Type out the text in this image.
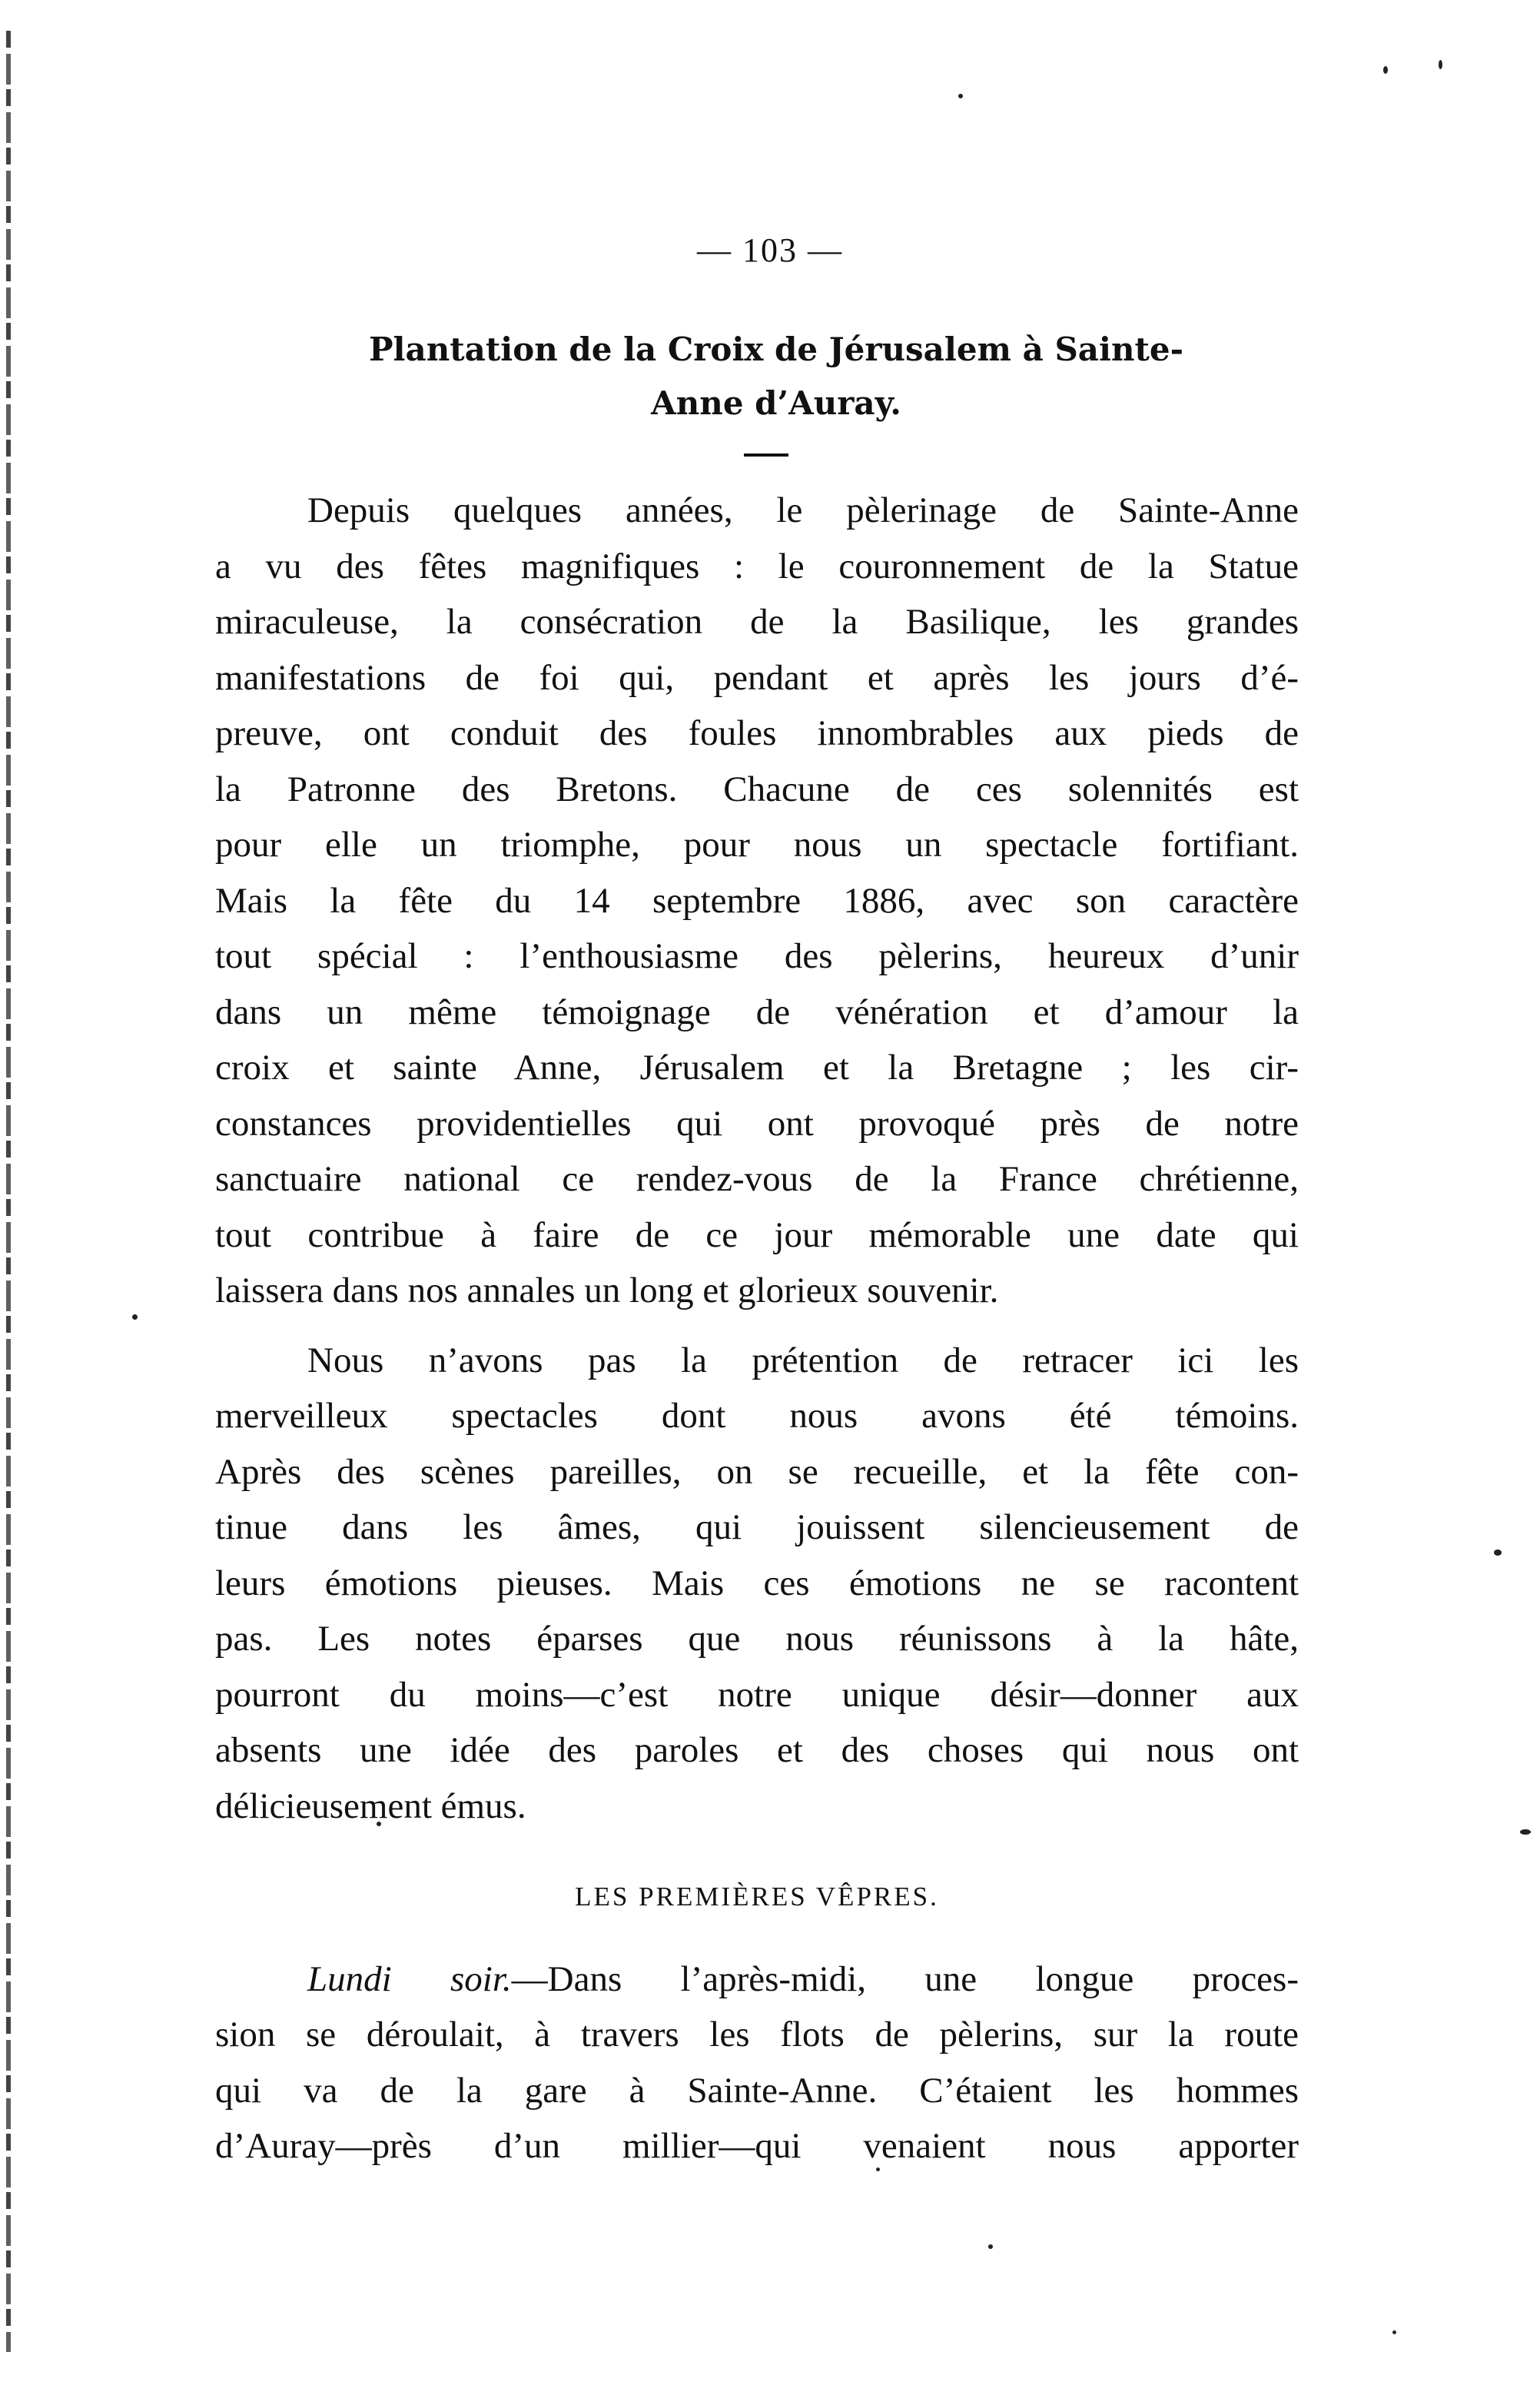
— 103 —
Plantation de la Croix de Jérusalem à Sainte-
Anne d’Auray.

Depuis quelques années, le pèlerinage de Sainte-Anne
a vu des fêtes magnifiques : le couronnement de la Statue
miraculeuse, la consécration de la Basilique, les grandes
manifestations de foi qui, pendant et après les jours d’é-
preuve, ont conduit des foules innombrables aux pieds de
la Patronne des Bretons. Chacune de ces solennités est
pour elle un triomphe, pour nous un spectacle fortifiant.
Mais la fête du 14 septembre 1886, avec son caractère
tout spécial : l’enthousiasme des pèlerins, heureux d’unir
dans un même témoignage de vénération et d’amour la
croix et sainte Anne, Jérusalem et la Bretagne ; les cir-
constances providentielles qui ont provoqué près de notre
sanctuaire national ce rendez-vous de la France chrétienne,
tout contribue à faire de ce jour mémorable une date qui
laissera dans nos annales un long et glorieux souvenir.

Nous n’avons pas la prétention de retracer ici les
merveilleux spectacles dont nous avons été témoins.
Après des scènes pareilles, on se recueille, et la fête con-
tinue dans les âmes, qui jouissent silencieusement de
leurs émotions pieuses. Mais ces émotions ne se racontent
pas. Les notes éparses que nous réunissons à la hâte,
pourront du moins—c’est notre unique désir—donner aux
absents une idée des paroles et des choses qui nous ont
délicieusement émus.

LES PREMIÈRES VÊPRES.

Lundi soir.—Dans l’après-midi, une longue proces-
sion se déroulait, à travers les flots de pèlerins, sur la route
qui va de la gare à Sainte-Anne. C’étaient les hommes
d’Auray—près d’un millier—qui venaient nous apporter
